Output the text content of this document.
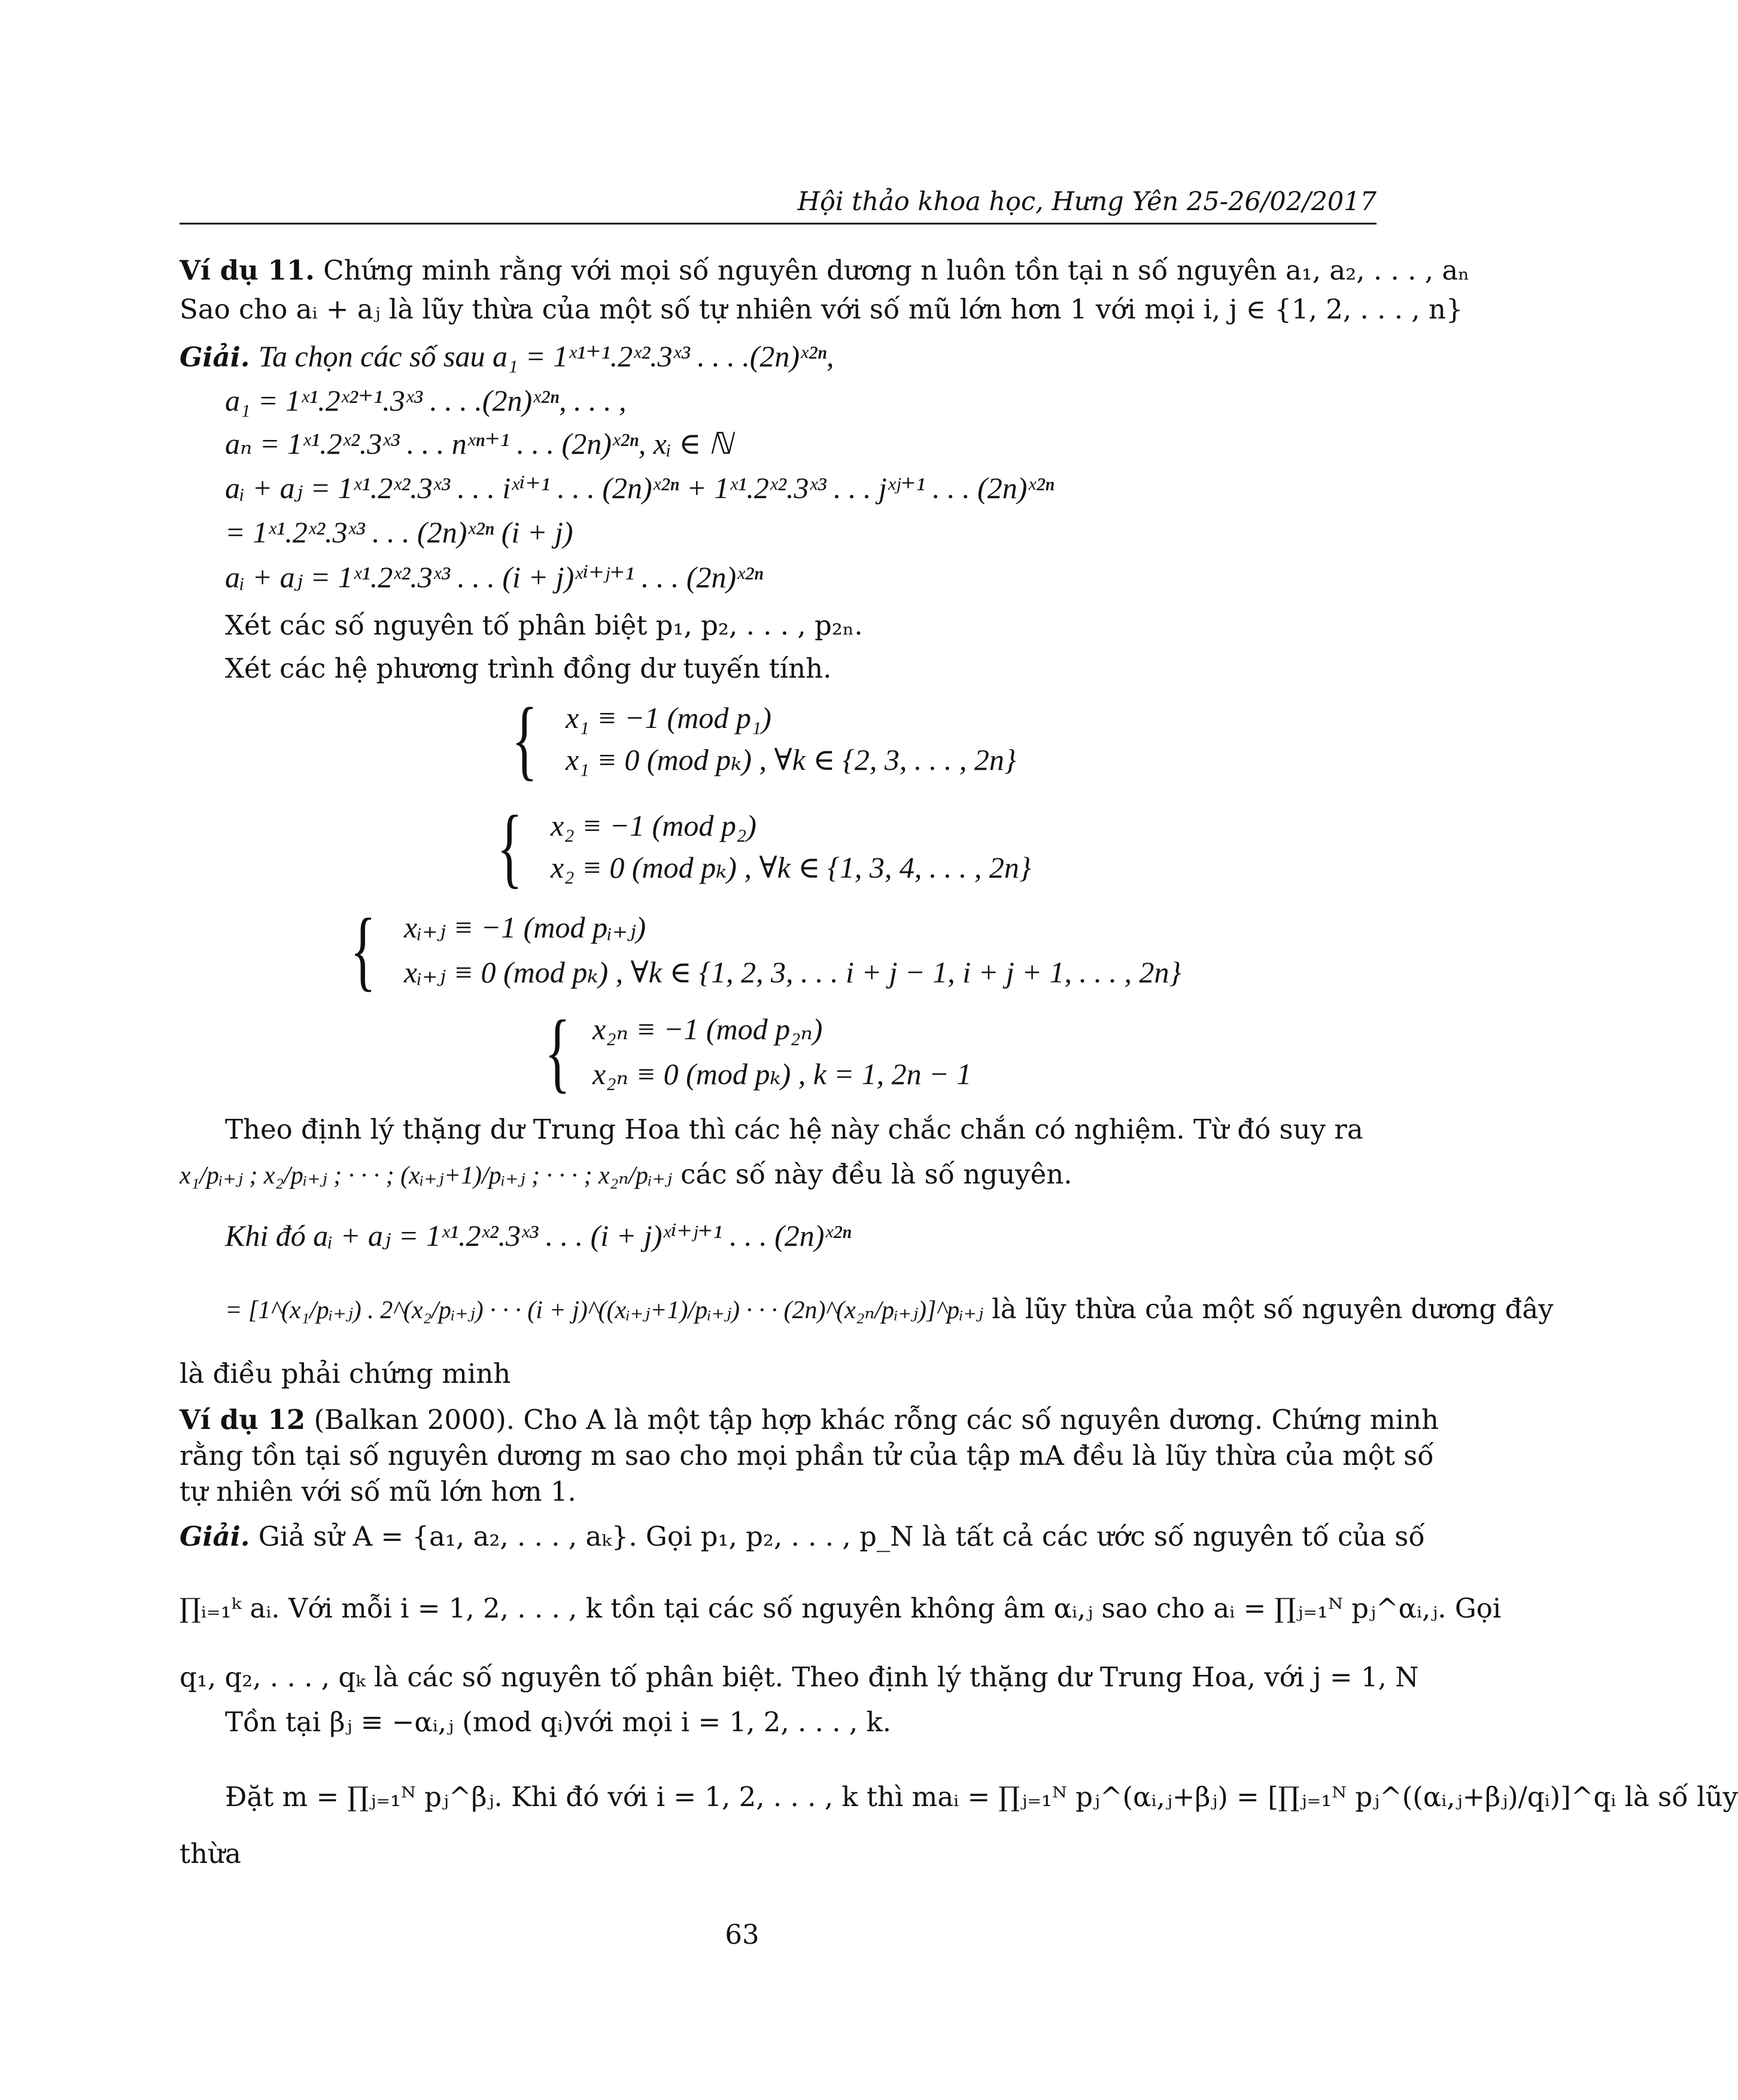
Hội thảo khoa học, Hưng Yên 25-26/02/2017
Ví dụ 11. Chứng minh rằng với mọi số nguyên dương n luôn tồn tại n số nguyên a₁, a₂, . . . , aₙ
Sao cho aᵢ + aⱼ là lũy thừa của một số tự nhiên với số mũ lớn hơn 1 với mọi i, j ∈ {1, 2, . . . , n}
Giải. Ta chọn các số sau a₁ = 1ˣ¹⁺¹.2ˣ².3ˣ³ . . . .(2n)ˣ²ⁿ,
a₁ = 1ˣ¹.2ˣ²⁺¹.3ˣ³ . . . .(2n)ˣ²ⁿ, . . . ,
aₙ = 1ˣ¹.2ˣ².3ˣ³ . . . nˣⁿ⁺¹ . . . (2n)ˣ²ⁿ, xᵢ ∈ ℕ
aᵢ + aⱼ = 1ˣ¹.2ˣ².3ˣ³ . . . iˣⁱ⁺¹ . . . (2n)ˣ²ⁿ + 1ˣ¹.2ˣ².3ˣ³ . . . jˣʲ⁺¹ . . . (2n)ˣ²ⁿ
= 1ˣ¹.2ˣ².3ˣ³ . . . (2n)ˣ²ⁿ (i + j)
aᵢ + aⱼ = 1ˣ¹.2ˣ².3ˣ³ . . . (i + j)ˣⁱ⁺ʲ⁺¹ . . . (2n)ˣ²ⁿ
Xét các số nguyên tố phân biệt p₁, p₂, . . . , p₂ₙ.
Xét các hệ phương trình đồng dư tuyến tính.
{ x₁ ≡ −1 (mod p₁)
x₁ ≡ 0 (mod pₖ) , ∀k ∈ {2, 3, . . . , 2n}
{ x₂ ≡ −1 (mod p₂)
x₂ ≡ 0 (mod pₖ) , ∀k ∈ {1, 3, 4, . . . , 2n}
{ xᵢ₊ⱼ ≡ −1 (mod pᵢ₊ⱼ)
xᵢ₊ⱼ ≡ 0 (mod pₖ) , ∀k ∈ {1, 2, 3, . . . i + j − 1, i + j + 1, . . . , 2n}
{ x₂ₙ ≡ −1 (mod p₂ₙ)
x₂ₙ ≡ 0 (mod pₖ) , k = 1, 2n − 1
Theo định lý thặng dư Trung Hoa thì các hệ này chắc chắn có nghiệm. Từ đó suy ra
x₁/pᵢ₊ⱼ ; x₂/pᵢ₊ⱼ ; · · · ; (xᵢ₊ⱼ+1)/pᵢ₊ⱼ ; · · · ; x₂ₙ/pᵢ₊ⱼ các số này đều là số nguyên.
Khi đó aᵢ + aⱼ = 1ˣ¹.2ˣ².3ˣ³ . . . (i + j)ˣⁱ⁺ʲ⁺¹ . . . (2n)ˣ²ⁿ
= [1^(x₁/pᵢ₊ⱼ) . 2^(x₂/pᵢ₊ⱼ) · · · (i + j)^((xᵢ₊ⱼ+1)/pᵢ₊ⱼ) · · · (2n)^(x₂ₙ/pᵢ₊ⱼ)]^pᵢ₊ⱼ là lũy thừa của một số nguyên dương đây
là điều phải chứng minh
Ví dụ 12 (Balkan 2000). Cho A là một tập hợp khác rỗng các số nguyên dương. Chứng minh
rằng tồn tại số nguyên dương m sao cho mọi phần tử của tập mA đều là lũy thừa của một số
tự nhiên với số mũ lớn hơn 1.
Giải. Giả sử A = {a₁, a₂, . . . , aₖ}. Gọi p₁, p₂, . . . , p_N là tất cả các ước số nguyên tố của số
∏ᵢ₌₁ᵏ aᵢ. Với mỗi i = 1, 2, . . . , k tồn tại các số nguyên không âm αᵢ,ⱼ sao cho aᵢ = ∏ⱼ₌₁ᴺ pⱼ^αᵢ,ⱼ. Gọi
q₁, q₂, . . . , qₖ là các số nguyên tố phân biệt. Theo định lý thặng dư Trung Hoa, với j = 1, N
Tồn tại βⱼ ≡ −αᵢ,ⱼ (mod qᵢ)với mọi i = 1, 2, . . . , k.
Đặt m = ∏ⱼ₌₁ᴺ pⱼ^βⱼ. Khi đó với i = 1, 2, . . . , k thì maᵢ = ∏ⱼ₌₁ᴺ pⱼ^(αᵢ,ⱼ+βⱼ) = [∏ⱼ₌₁ᴺ pⱼ^((αᵢ,ⱼ+βⱼ)/qᵢ)]^qᵢ là số lũy
thừa
63
